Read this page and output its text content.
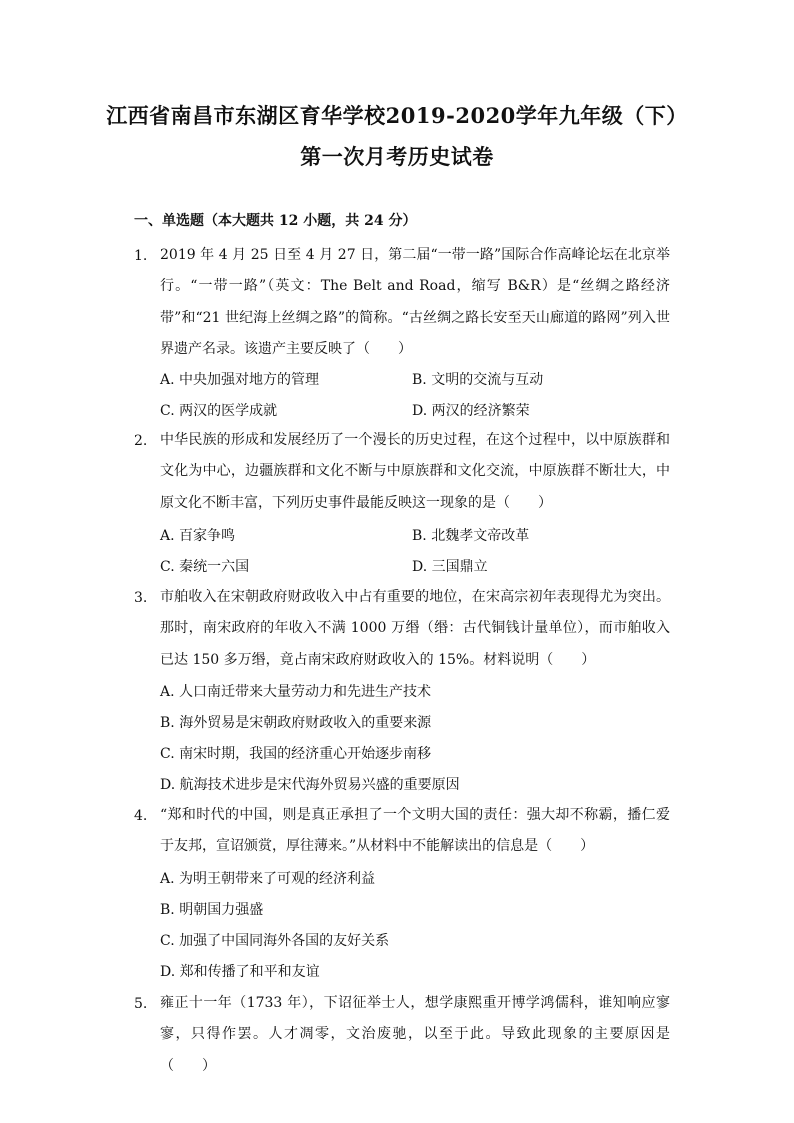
江西省南昌市东湖区育华学校2019-2020学年九年级（下）
第一次月考历史试卷
一、单选题（本大题共 12 小题，共 24 分）
1. 2019 年 4 月 25 日至 4 月 27 日，第二届“一带一路”国际合作高峰论坛在北京举行。“一带一路”（英文：The Belt and Road，缩写 B&R）是“丝绸之路经济带”和“21 世纪海上丝绸之路”的简称。“古丝绸之路长安至天山廊道的路网”列入世界遗产名录。该遗产主要反映了（　　）
A. 中央加强对地方的管理	B. 文明的交流与互动
C. 两汉的医学成就	D. 两汉的经济繁荣
2. 中华民族的形成和发展经历了一个漫长的历史过程，在这个过程中，以中原族群和文化为中心，边疆族群和文化不断与中原族群和文化交流，中原族群不断壮大，中原文化不断丰富，下列历史事件最能反映这一现象的是（　　）
A. 百家争鸣	B. 北魏孝文帝改革
C. 秦统一六国	D. 三国鼎立
3. 市舶收入在宋朝政府财政收入中占有重要的地位，在宋高宗初年表现得尤为突出。那时，南宋政府的年收入不满 1000 万缗（缗：古代铜钱计量单位），而市舶收入已达 150 多万缗，竟占南宋政府财政收入的 15%。材料说明（　　）
A. 人口南迁带来大量劳动力和先进生产技术
B. 海外贸易是宋朝政府财政收入的重要来源
C. 南宋时期，我国的经济重心开始逐步南移
D. 航海技术进步是宋代海外贸易兴盛的重要原因
4. “郑和时代的中国，则是真正承担了一个文明大国的责任：强大却不称霸，播仁爱于友邦，宣诏颁赏，厚往薄来。”从材料中不能解读出的信息是（　　）
A. 为明王朝带来了可观的经济利益
B. 明朝国力强盛
C. 加强了中国同海外各国的友好关系
D. 郑和传播了和平和友谊
5. 雍正十一年（1733 年），下诏征举士人，想学康熙重开博学鸿儒科，谁知响应寥寥，只得作罢。人才凋零，文治废驰，以至于此。导致此现象的主要原因是（　　）
